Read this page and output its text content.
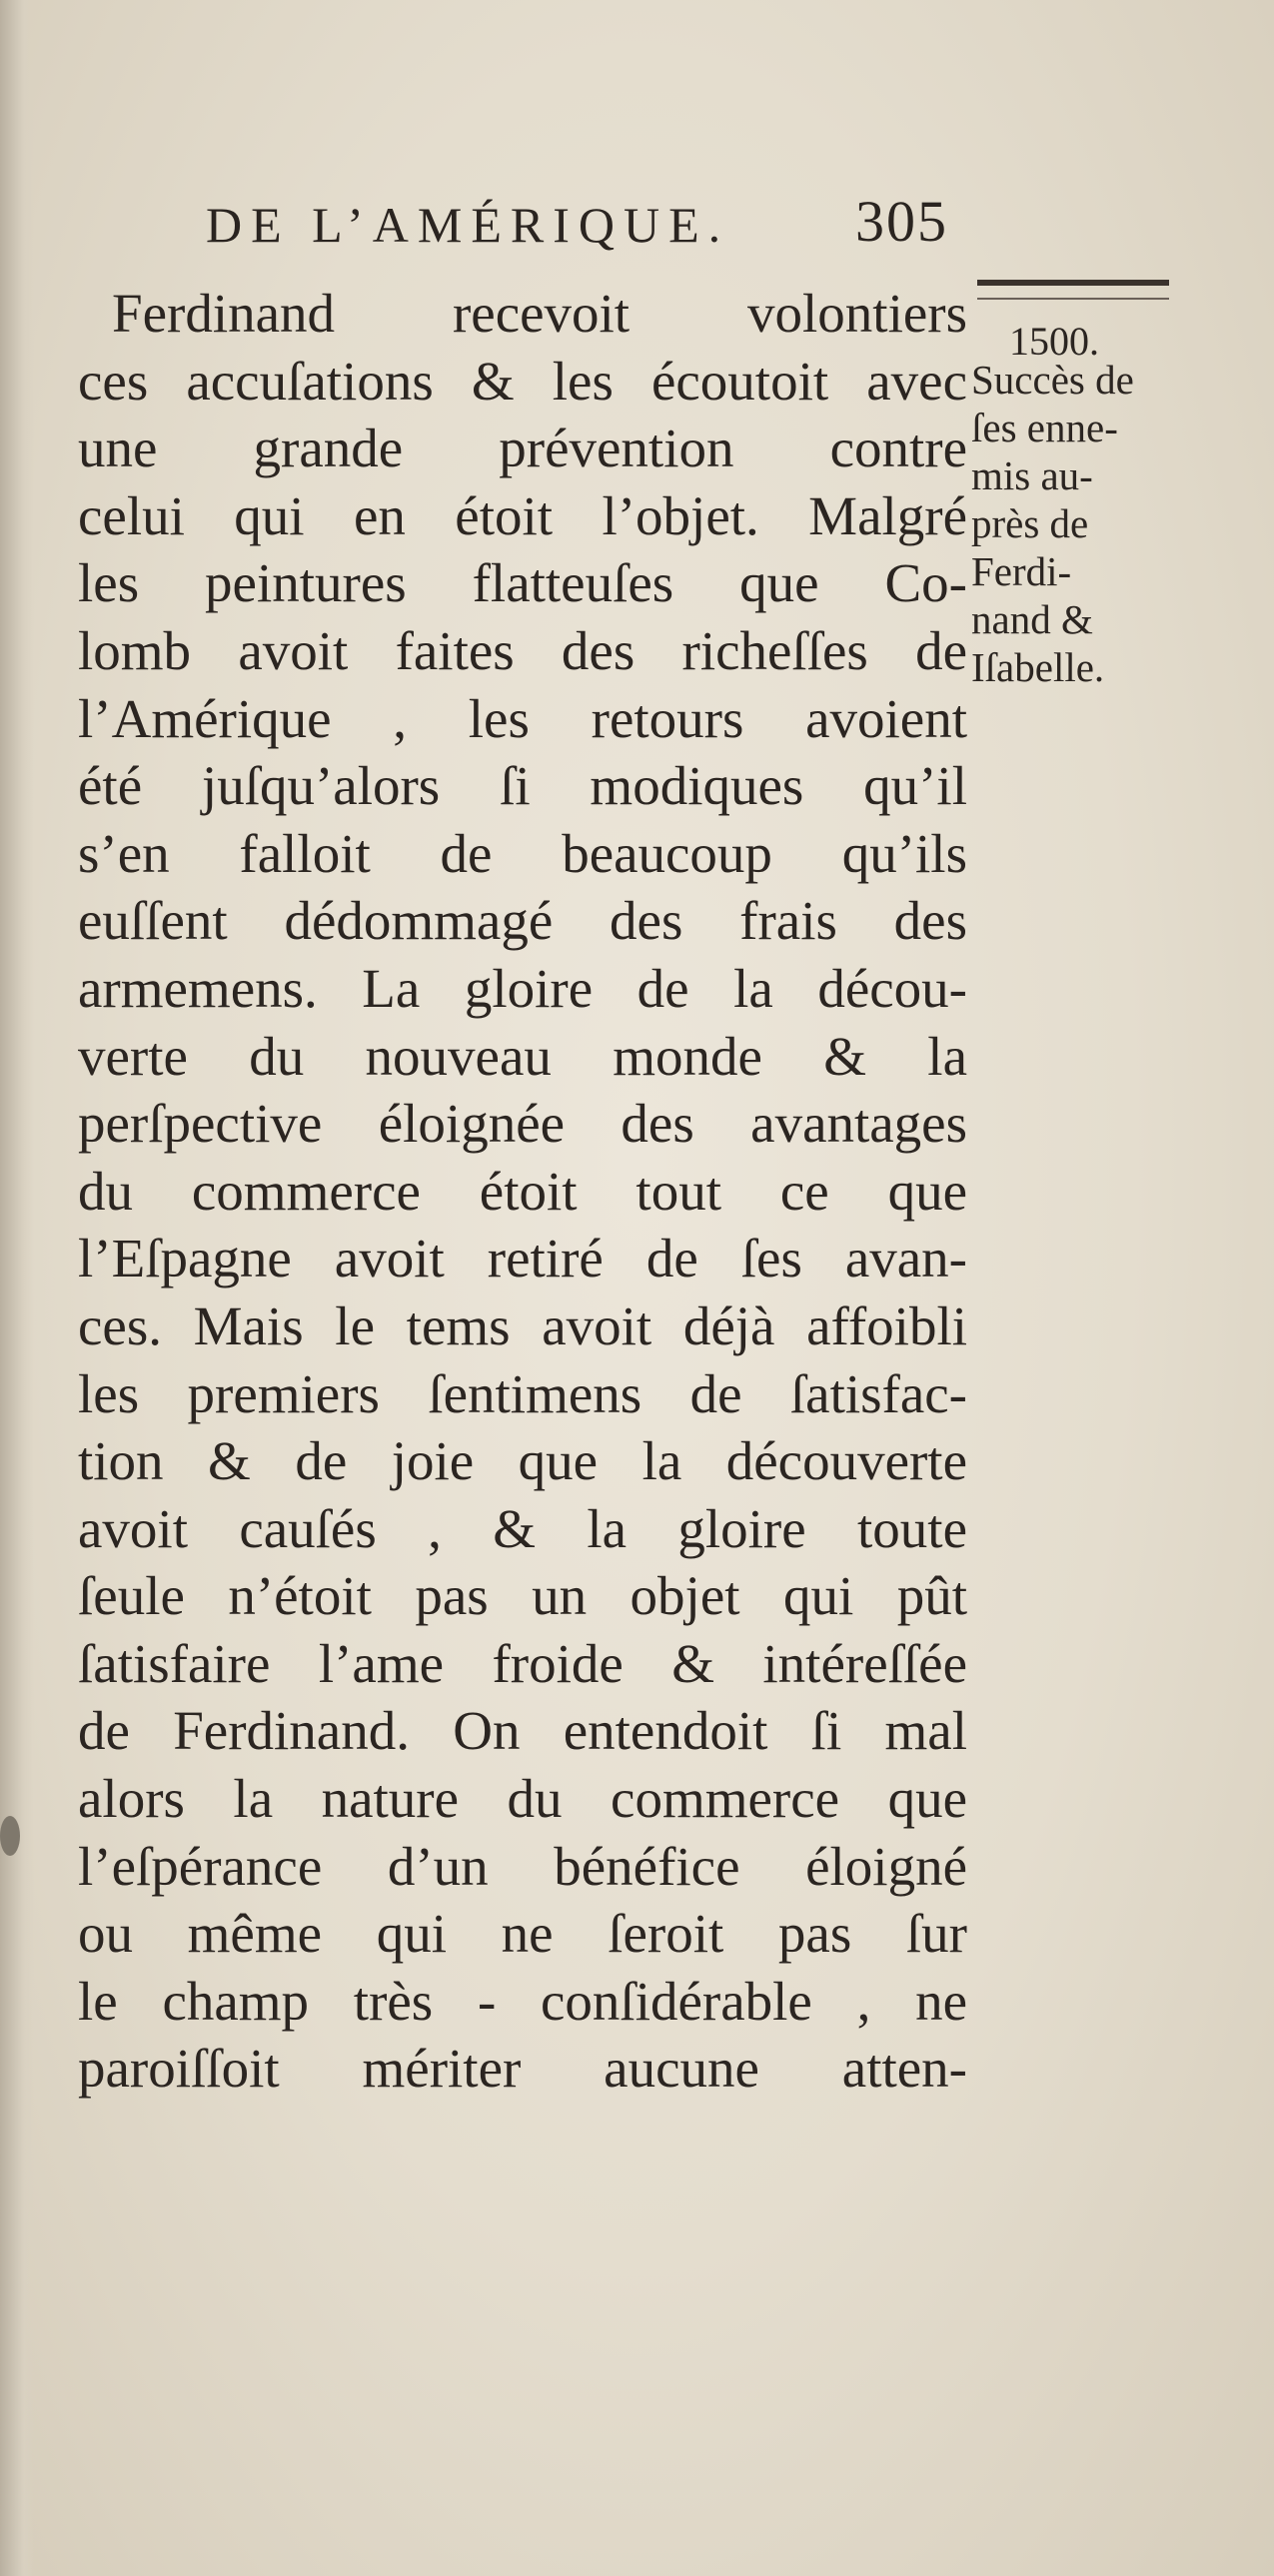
DE L’AMÉRIQUE. 305
1500.
Succès de
ſes enne-
mis au-
près de
Ferdi-
nand &
Iſabelle.
Ferdinand recevoit volontiers
ces accuſations & les écoutoit avec
une grande prévention contre
celui qui en étoit l’objet. Malgré
les peintures flatteuſes que Co-
lomb avoit faites des richeſſes de
l’Amérique , les retours avoient
été juſqu’alors ſi modiques qu’il
s’en falloit de beaucoup qu’ils
euſſent dédommagé des frais des
armemens. La gloire de la décou-
verte du nouveau monde & la
perſpective éloignée des avantages
du commerce étoit tout ce que
l’Eſpagne avoit retiré de ſes avan-
ces. Mais le tems avoit déjà affoibli
les premiers ſentimens de ſatisfac-
tion & de joie que la découverte
avoit cauſés , & la gloire toute
ſeule n’étoit pas un objet qui pût
ſatisfaire l’ame froide & intéreſſée
de Ferdinand. On entendoit ſi mal
alors la nature du commerce que
l’eſpérance d’un bénéfice éloigné
ou même qui ne ſeroit pas ſur
le champ très - conſidérable , ne
paroiſſoit mériter aucune atten-
